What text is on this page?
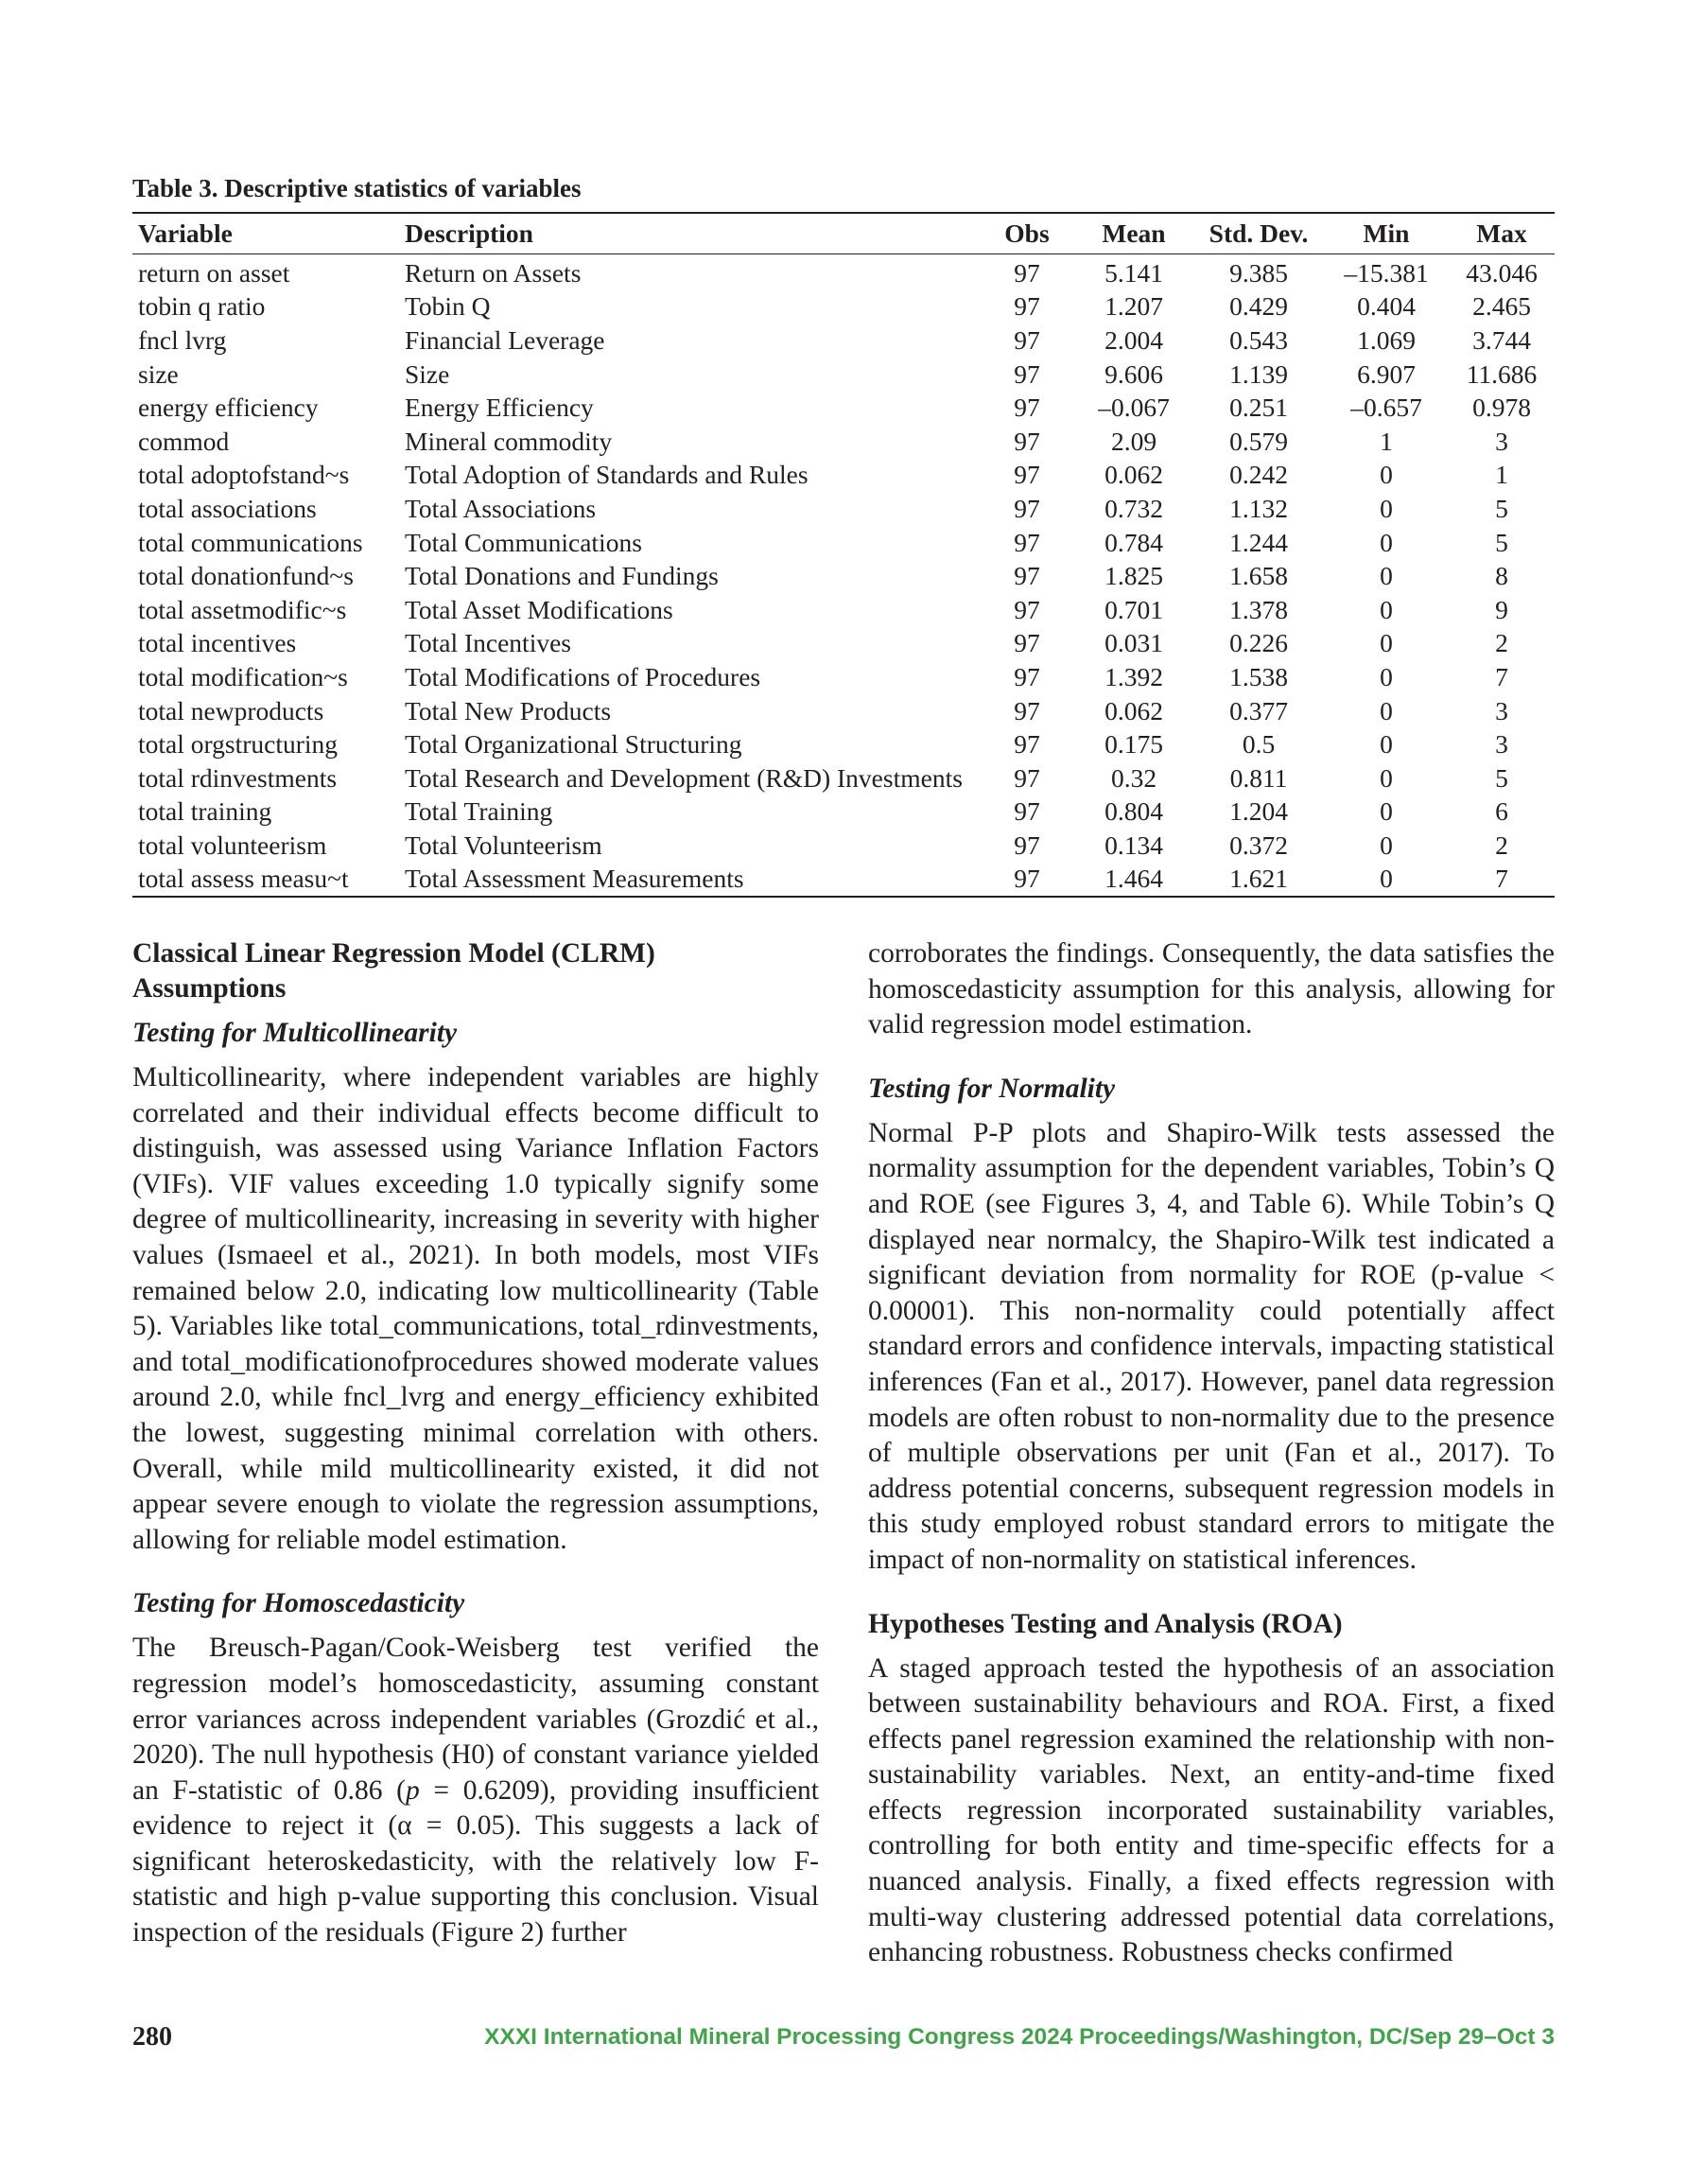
Table 3. Descriptive statistics of variables
Variable	Description	Obs	Mean	Std. Dev.	Min	Max
return on asset	Return on Assets	97	5.141	9.385	–15.381	43.046
tobin q ratio	Tobin Q	97	1.207	0.429	0.404	2.465
fncl lvrg	Financial Leverage	97	2.004	0.543	1.069	3.744
size	Size	97	9.606	1.139	6.907	11.686
energy efficiency	Energy Efficiency	97	–0.067	0.251	–0.657	0.978
commod	Mineral commodity	97	2.09	0.579	1	3
total adoptofstand~s	Total Adoption of Standards and Rules	97	0.062	0.242	0	1
total associations	Total Associations	97	0.732	1.132	0	5
total communications	Total Communications	97	0.784	1.244	0	5
total donationfund~s	Total Donations and Fundings	97	1.825	1.658	0	8
total assetmodific~s	Total Asset Modifications	97	0.701	1.378	0	9
total incentives	Total Incentives	97	0.031	0.226	0	2
total modification~s	Total Modifications of Procedures	97	1.392	1.538	0	7
total newproducts	Total New Products	97	0.062	0.377	0	3
total orgstructuring	Total Organizational Structuring	97	0.175	0.5	0	3
total rdinvestments	Total Research and Development (R&D) Investments	97	0.32	0.811	0	5
total training	Total Training	97	0.804	1.204	0	6
total volunteerism	Total Volunteerism	97	0.134	0.372	0	2
total assess measu~t	Total Assessment Measurements	97	1.464	1.621	0	7
Classical Linear Regression Model (CLRM)
Assumptions
Testing for Multicollinearity

Multicollinearity, where independent variables are highly correlated and their individual effects become difficult to distinguish, was assessed using Variance Inflation Factors (VIFs). VIF values exceeding 1.0 typically signify some degree of multicollinearity, increasing in severity with higher values (Ismaeel et al., 2021). In both models, most VIFs remained below 2.0, indicating low multicollinearity (Table 5). Variables like total_communications, total_rdinvestments, and total_modificationofprocedures showed moderate values around 2.0, while fncl_lvrg and energy_efficiency exhibited the lowest, suggesting minimal correlation with others. Overall, while mild multicollinearity existed, it did not appear severe enough to violate the regression assumptions, allowing for reliable model estimation.

Testing for Homoscedasticity

The Breusch-Pagan/Cook-Weisberg test verified the regression model’s homoscedasticity, assuming constant error variances across independent variables (Grozdić et al., 2020). The null hypothesis (H0) of constant variance yielded an F-statistic of 0.86 (p = 0.6209), providing insufficient evidence to reject it (α = 0.05). This suggests a lack of significant heteroskedasticity, with the relatively low F-statistic and high p-value supporting this conclusion. Visual inspection of the residuals (Figure 2) further

corroborates the findings. Consequently, the data satisfies the homoscedasticity assumption for this analysis, allowing for valid regression model estimation.

Testing for Normality

Normal P-P plots and Shapiro-Wilk tests assessed the normality assumption for the dependent variables, Tobin’s Q and ROE (see Figures 3, 4, and Table 6). While Tobin’s Q displayed near normalcy, the Shapiro-Wilk test indicated a significant deviation from normality for ROE (p-value < 0.00001). This non-normality could potentially affect standard errors and confidence intervals, impacting statistical inferences (Fan et al., 2017). However, panel data regression models are often robust to non-normality due to the presence of multiple observations per unit (Fan et al., 2017). To address potential concerns, subsequent regression models in this study employed robust standard errors to mitigate the impact of non-normality on statistical inferences.

Hypotheses Testing and Analysis (ROA)

A staged approach tested the hypothesis of an association between sustainability behaviours and ROA. First, a fixed effects panel regression examined the relationship with non-sustainability variables. Next, an entity-and-time fixed effects regression incorporated sustainability variables, controlling for both entity and time-specific effects for a nuanced analysis. Finally, a fixed effects regression with multi-way clustering addressed potential data correlations, enhancing robustness. Robustness checks confirmed

280	XXXI International Mineral Processing Congress 2024 Proceedings/Washington, DC/Sep 29–Oct 3
